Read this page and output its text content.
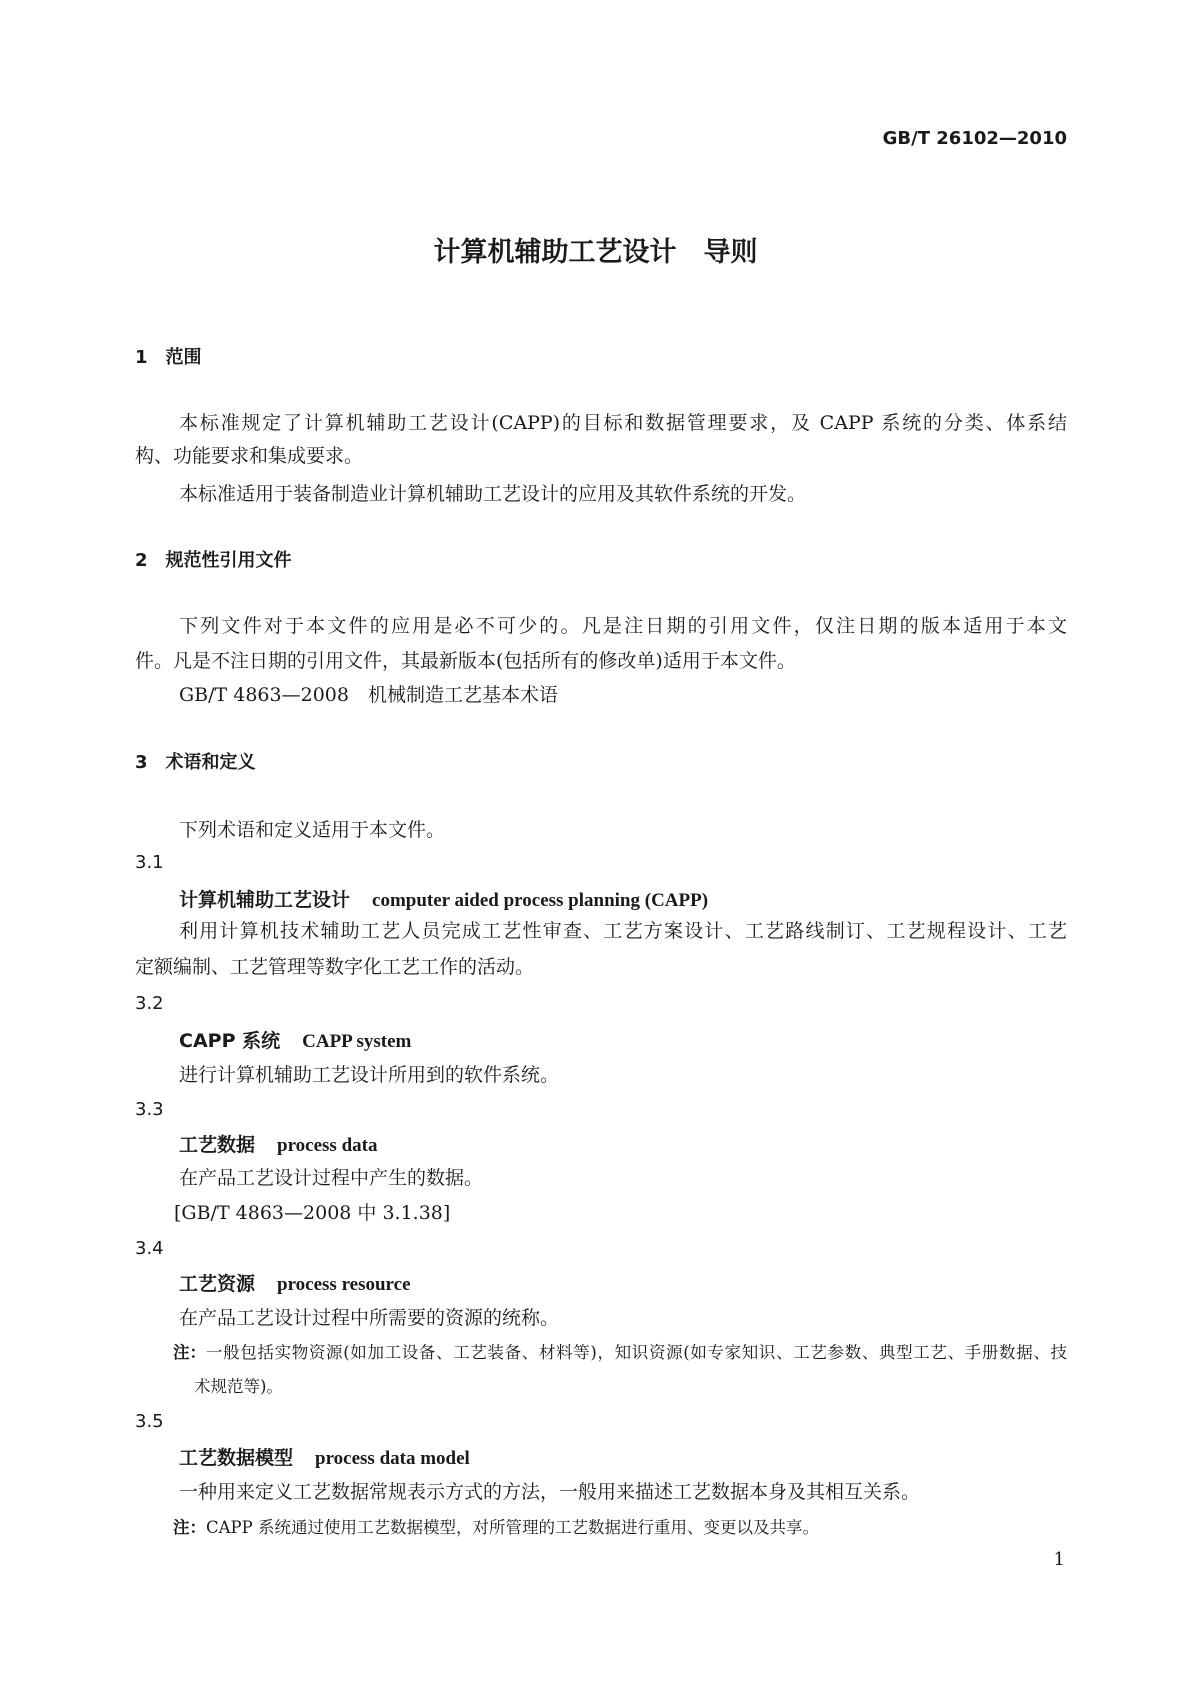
GB/T 26102—2010
计算机辅助工艺设计　导则
1　范围
本标准规定了计算机辅助工艺设计(CAPP)的目标和数据管理要求，及 CAPP 系统的分类、体系结
构、功能要求和集成要求。
本标准适用于装备制造业计算机辅助工艺设计的应用及其软件系统的开发。
2　规范性引用文件
下列文件对于本文件的应用是必不可少的。凡是注日期的引用文件，仅注日期的版本适用于本文
件。凡是不注日期的引用文件，其最新版本(包括所有的修改单)适用于本文件。
GB/T 4863—2008　机械制造工艺基本术语
3　术语和定义
下列术语和定义适用于本文件。
3.1
计算机辅助工艺设计 computer aided process planning (CAPP)
利用计算机技术辅助工艺人员完成工艺性审查、工艺方案设计、工艺路线制订、工艺规程设计、工艺
定额编制、工艺管理等数字化工艺工作的活动。
3.2
CAPP 系统 CAPP system
进行计算机辅助工艺设计所用到的软件系统。
3.3
工艺数据 process data
在产品工艺设计过程中产生的数据。
[GB/T 4863—2008 中 3.1.38]
3.4
工艺资源 process resource
在产品工艺设计过程中所需要的资源的统称。
注： 一般包括实物资源(如加工设备、工艺装备、材料等)，知识资源(如专家知识、工艺参数、典型工艺、手册数据、技
术规范等)。
3.5
工艺数据模型 process data model
一种用来定义工艺数据常规表示方式的方法，一般用来描述工艺数据本身及其相互关系。
注：CAPP 系统通过使用工艺数据模型，对所管理的工艺数据进行重用、变更以及共享。
1
